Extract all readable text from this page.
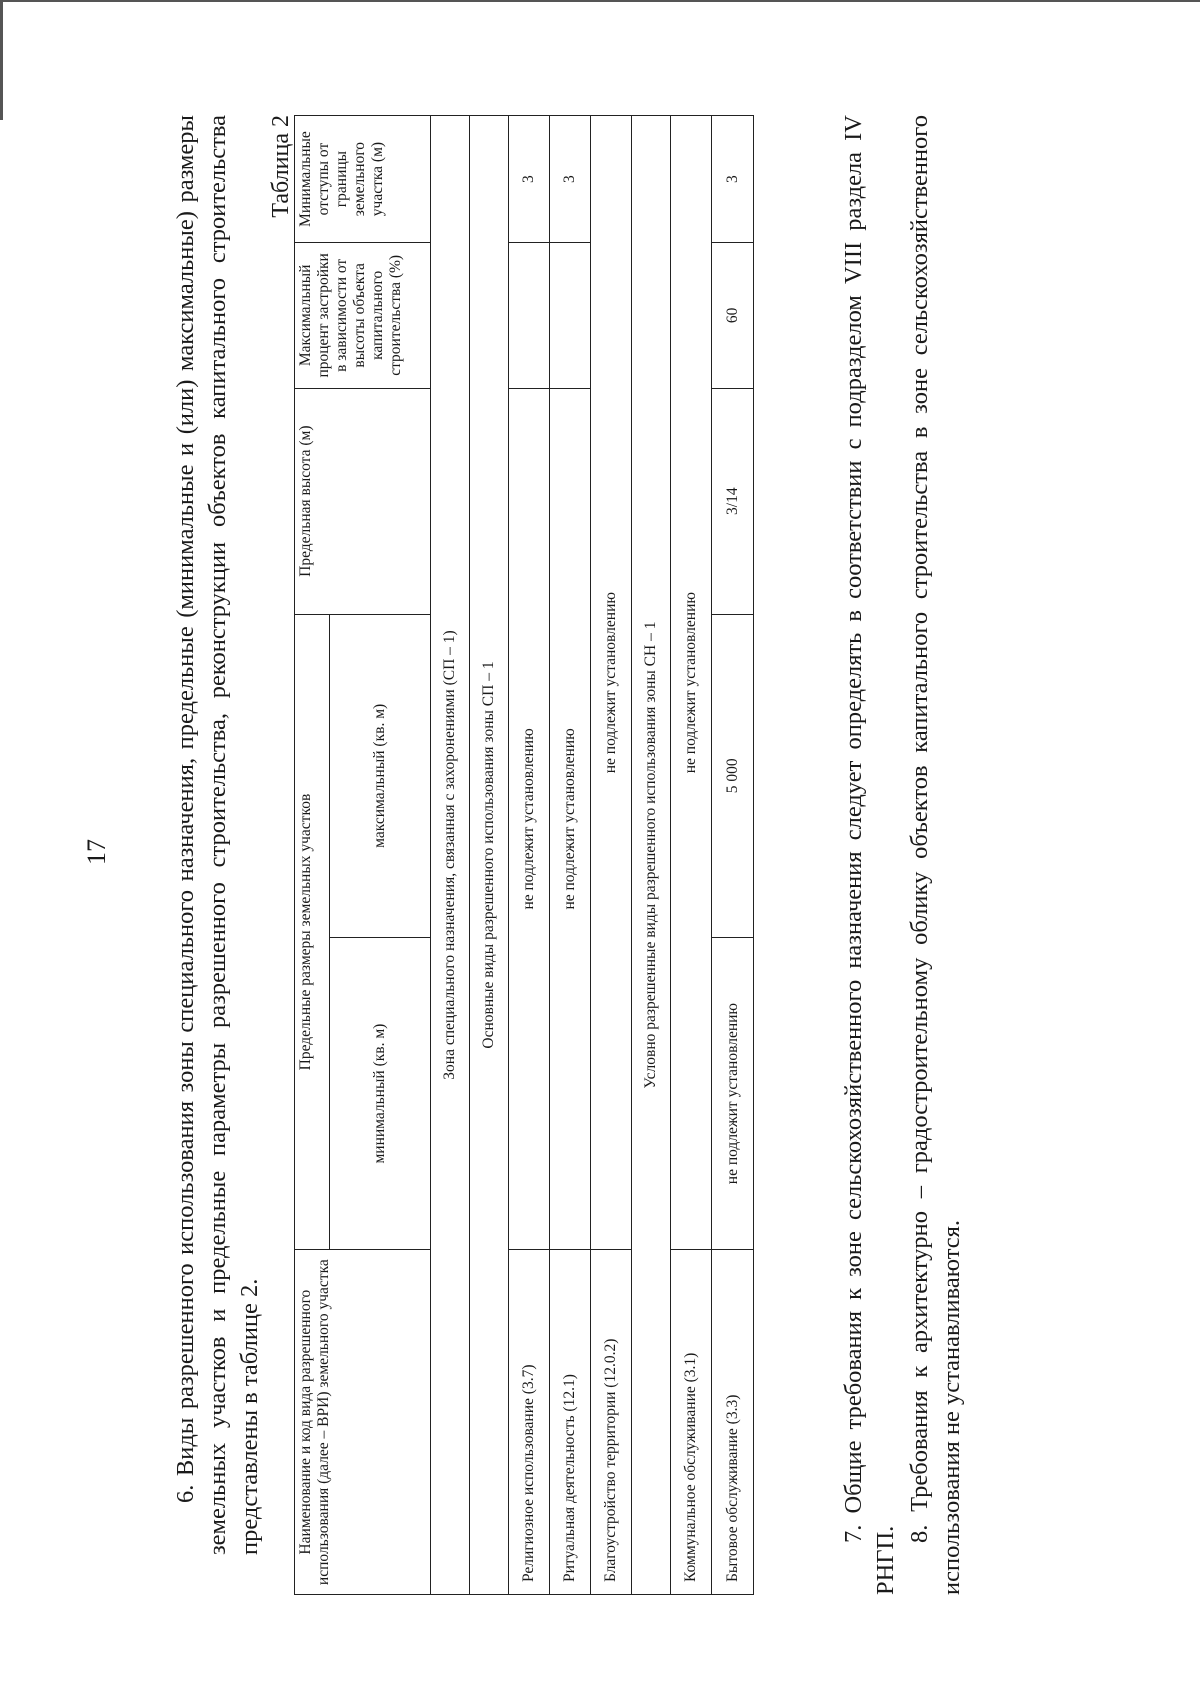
17 6. Виды разрешенного использования зоны специального назначения, предельные (минимальные и (или) максимальные) размеры земельных участков и предельные параметры разрешенного строительства, реконструкции объектов капитального строительства представлены в таблице 2.

Таблица 2
Наименование и код вида разрешенного использования (далее – ВРИ) земельного участка	Предельные размеры земельных участков		Предельная высота (м)	Максимальный процент застройки в зависимости от высоты объекта капитального строительства (%)	Минимальные отступы от границы земельного участка (м)
	минимальный (кв. м)	максимальный (кв. м)			
Зона специального назначения, связанная с захоронениями (СП – 1)					
Основные виды разрешенного использования зоны СП – 1					
Религиозное использование (3.7)	не подлежит установлению				3
Ритуальная деятельность (12.1)	не подлежит установлению				3
Благоустройство территории (12.0.2)	не подлежит установлению				
Условно разрешенные виды разрешенного использования зоны СН – 1					
Коммунальное обслуживание (3.1)	не подлежит установлению				
Бытовое обслуживание (3.3)	не подлежит установлению	5 000	3/14	60	3	7. Общие требования к зоне сельскохозяйственного назначения следует определять в соответствии с подразделом VIII раздела IV РНГП.

8. Требования к архитектурно – градостроительному облику объектов капитального строительства в зоне сельскохозяйственного использования не устанавливаются.
